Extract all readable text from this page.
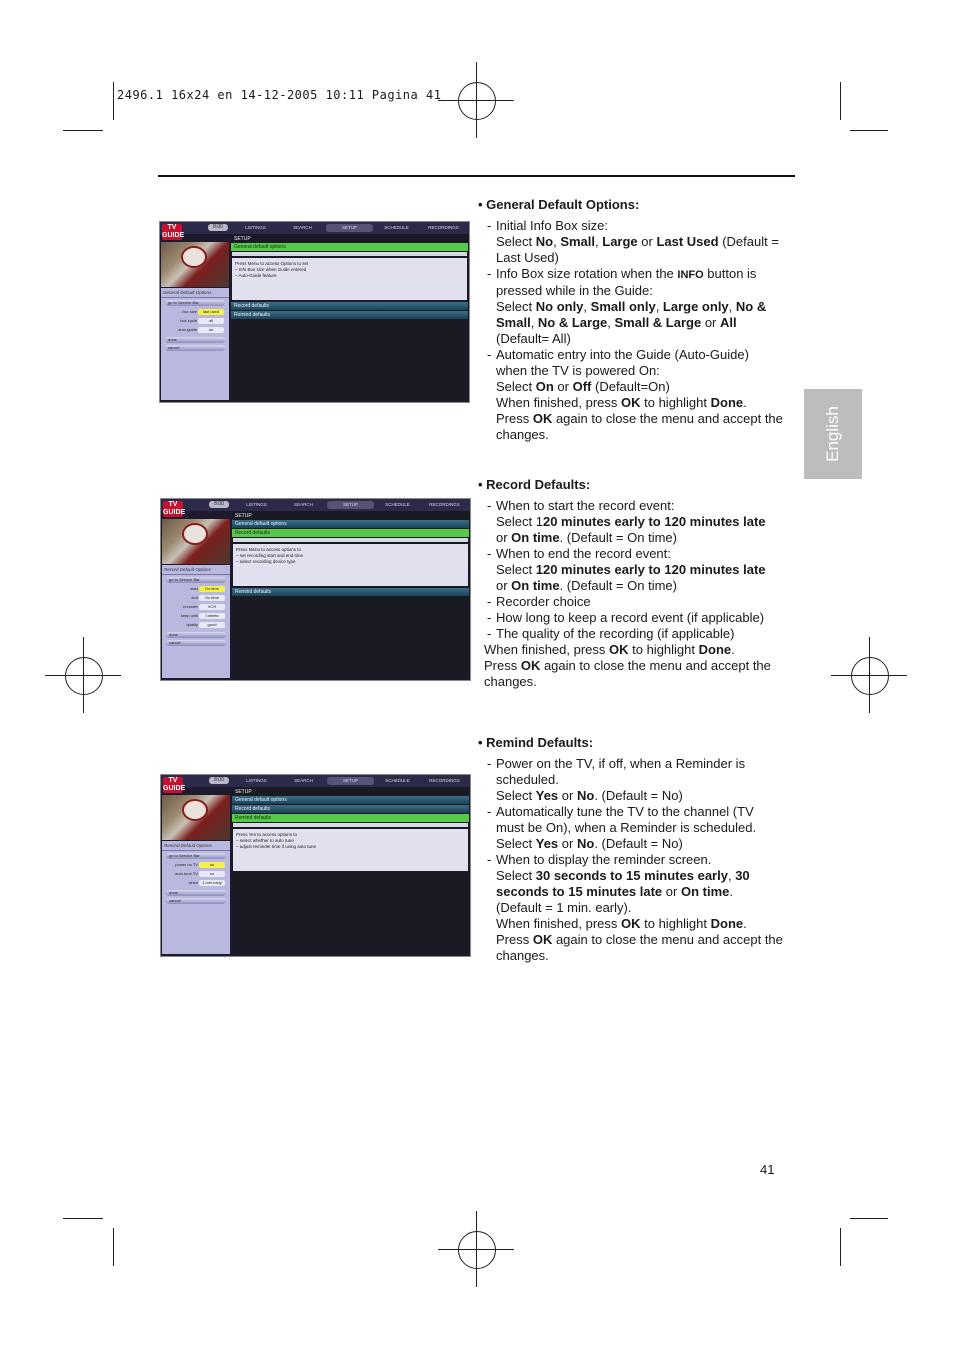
2496.1 16x24 en 14-12-2005 10:11 Pagina 41
English
TV
GUIDE
8:00	LISTINGS	SEARCH	SETUP	SCHEDULE	RECORDINGS
General Default Options
go to Service Bar
box size	last used
box cycle	all
auto-guide	on
done
cancel
SETUP
General default options
Press Menu to access Options to set
– Info Box size when Guide entered
– Auto-Guide feature
Record defaults
Remind defaults
TV
GUIDE
8:00	LISTINGS	SEARCH	SETUP	SCHEDULE	RECORDINGS
Record Default Options
go to Service Bar
start	On time
end	On time
recorder	VCR
keep until	I delete
quality	good
done
cancel
SETUP
General default options
Record defaults
Press Menu to access options to
– set recording start and end time
– select recording device type
Remind defaults
TV
GUIDE
8:00	LISTINGS	SEARCH	SETUP	SCHEDULE	RECORDINGS
Remind Default Options
go to Service Bar
power on TV	no
auto tune TV	no
when	1 min early
done
cancel
SETUP
General default options
Record defaults
Remind defaults
Press Yes to access options to
– select whether to auto tune
– adjust reminder time if using auto tune
• General Default Options:
- Initial Info Box size:
Select No, Small, Large or Last Used (Default =
Last Used)
- Info Box size rotation when the INFO button is
pressed while in the Guide:
Select No only, Small only, Large only, No &
Small, No & Large, Small & Large or All
(Default= All)
- Automatic entry into the Guide (Auto-Guide)
when the TV is powered On:
Select On or Off (Default=On)
When finished, press OK to highlight Done.
Press OK again to close the menu and accept the
changes.
• Record Defaults:
- When to start the record event:
Select 120 minutes early to 120 minutes late
or On time. (Default = On time)
- When to end the record event:
Select 120 minutes early to 120 minutes late
or On time. (Default = On time)
- Recorder choice
- How long to keep a record event (if applicable)
- The quality of the recording (if applicable)
When finished, press OK to highlight Done.
Press OK again to close the menu and accept the
changes.
• Remind Defaults:
- Power on the TV, if off, when a Reminder is
scheduled.
Select Yes or No. (Default = No)
- Automatically tune the TV to the channel (TV
must be On), when a Reminder is scheduled.
Select Yes or No. (Default = No)
- When to display the reminder screen.
Select 30 seconds to 15 minutes early, 30
seconds to 15 minutes late or On time.
(Default = 1 min. early).
When finished, press OK to highlight Done.
Press OK again to close the menu and accept the
changes.
41
